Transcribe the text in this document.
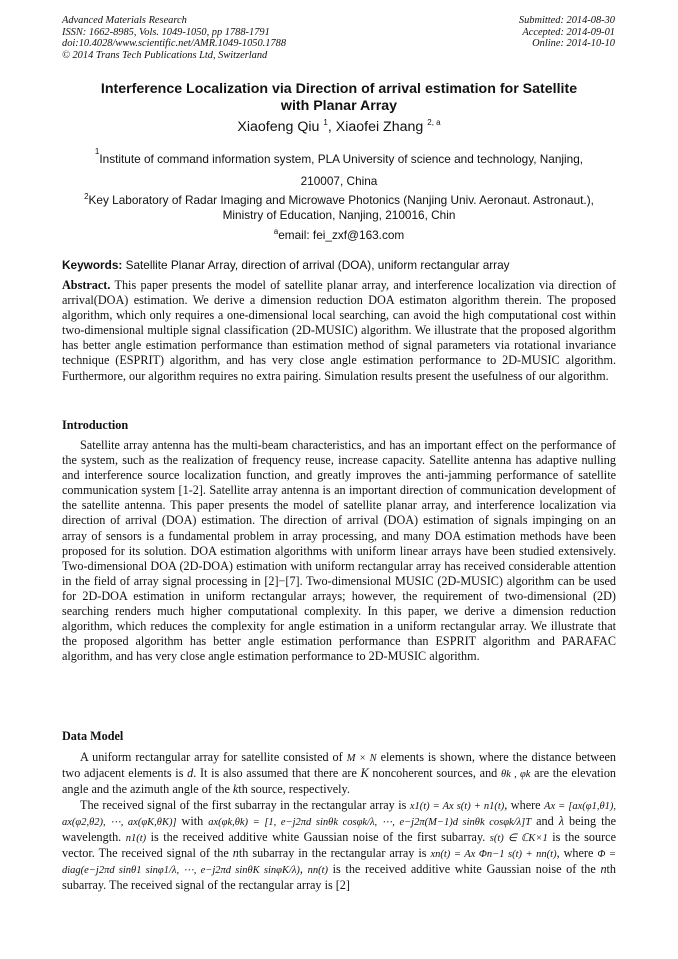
Advanced Materials Research
ISSN: 1662-8985, Vols. 1049-1050, pp 1788-1791
doi:10.4028/www.scientific.net/AMR.1049-1050.1788
© 2014 Trans Tech Publications Ltd, Switzerland
Submitted: 2014-08-30
Accepted: 2014-09-01
Online: 2014-10-10
Interference Localization via Direction of arrival estimation for Satellite
with Planar Array
Xiaofeng Qiu $^1$, Xiaofei Zhang $^{2, a}$
$^1$Institute of command information system, PLA University of science and technology, Nanjing,
210007, China
$^2$Key Laboratory of Radar Imaging and Microwave Photonics (Nanjing Univ. Aeronaut. Astronaut.),
Ministry of Education, Nanjing, 210016, Chin
$^a$email: fei_zxf@163.com
Keywords: Satellite Planar Array, direction of arrival (DOA), uniform rectangular array
Abstract. This paper presents the model of satellite planar array, and interference localization via direction of arrival(DOA) estimation. We derive a dimension reduction DOA estimaton algorithm therein. The proposed algorithm, which only requires a one-dimensional local searching, can avoid the high computational cost within two-dimensional multiple signal classification (2D-MUSIC) algorithm. We illustrate that the proposed algorithm has better angle estimation performance than estimation method of signal parameters via rotational invariance technique (ESPRIT) algorithm, and has very close angle estimation performance to 2D-MUSIC algorithm. Furthermore, our algorithm requires no extra pairing. Simulation results present the usefulness of our algorithm.
Introduction

Satellite array antenna has the multi-beam characteristics, and has an important effect on the performance of the system, such as the realization of frequency reuse, increase capacity. Satellite antenna has adaptive nulling and interference source localization function, and greatly improves the anti-jamming performance of satellite communication system [1-2]. Satellite array antenna is an important direction of communication development of the satellite antenna. This paper presents the model of satellite planar array, and interference localization via direction of arrival (DOA) estimation. The direction of arrival (DOA) estimation of signals impinging on an array of sensors is a fundamental problem in array processing, and many DOA estimation methods have been proposed for its solution. DOA estimation algorithms with uniform linear arrays have been studied extensively. Two-dimensional DOA (2D-DOA) estimation with uniform rectangular array has received considerable attention in the field of array signal processing in [2]−[7]. Two-dimensional MUSIC (2D-MUSIC) algorithm can be used for 2D-DOA estimation in uniform rectangular arrays; however, the requirement of two-dimensional (2D) searching renders much higher computational complexity. In this paper, we derive a dimension reduction algorithm, which reduces the complexity for angle estimation in a uniform rectangular array. We illustrate that the proposed algorithm has better angle estimation performance than ESPRIT algorithm and PARAFAC algorithm, and has very close angle estimation performance to 2D-MUSIC algorithm.

Data Model

A uniform rectangular array for satellite consisted of M × N elements is shown, where the distance between two adjacent elements is d. It is also assumed that there are K noncoherent sources, and θk , φk are the elevation angle and the azimuth angle of the kth source, respectively.

The received signal of the first subarray in the rectangular array is x1(t) = Ax s(t) + n1(t), where Ax = [ax(φ1,θ1), ax(φ2,θ2), ⋯, ax(φK,θK)] with ax(φk,θk) = [1, e−j2πd sinθk cosφk/λ, ⋯, e−j2π(M−1)d sinθk cosφk/λ]T and λ being the wavelength. n1(t) is the received additive white Gaussian noise of the first subarray. s(t) ∈ ℂK×1 is the source vector. The received signal of the nth subarray in the rectangular array is xn(t) = Ax Φn−1 s(t) + nn(t), where Φ = diag(e−j2πd sinθ1 sinφ1/λ, ⋯, e−j2πd sinθK sinφK/λ), nn(t) is the received additive white Gaussian noise of the nth subarray. The received signal of the rectangular array is [2]
